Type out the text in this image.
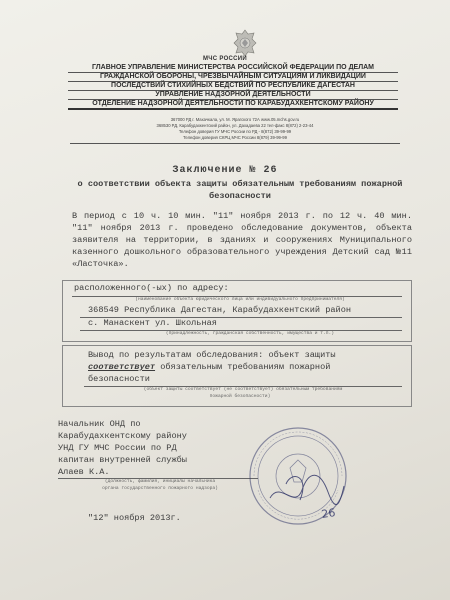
МЧС РОССИИ
ГЛАВНОЕ УПРАВЛЕНИЕ МИНИСТЕРСТВА РОССИЙСКОЙ ФЕДЕРАЦИИ ПО ДЕЛАМ
ГРАЖДАНСКОЙ ОБОРОНЫ, ЧРЕЗВЫЧАЙНЫМ СИТУАЦИЯМ И ЛИКВИДАЦИИ
ПОСЛЕДСТВИЙ СТИХИЙНЫХ БЕДСТВИЙ ПО РЕСПУБЛИКЕ ДАГЕСТАН
УПРАВЛЕНИЕ НАДЗОРНОЙ ДЕЯТЕЛЬНОСТИ
ОТДЕЛЕНИЕ НАДЗОРНОЙ ДЕЯТЕЛЬНОСТИ ПО КАРАБУДАХКЕНТСКОМУ РАЙОНУ
367000 РД г. Махачкала, ул. М. Ярагского 72А www.05.mchs.gov.ru
368530 РД, Карабудахкентский район, ул. Дахадаева 22 тел-факс 8(872) 2-23-44
Телефон доверия ГУ МЧС России по РД - 8(872) 39-99-99
Телефон доверия СКРЦ МЧС России 8(879) 39-99-99
Заключение № 26
о соответствии объекта защиты обязательным требованиям пожарной безопасности
В период с 10 ч. 10 мин. "11" ноября 2013 г. по 12 ч. 40 мин. "11" ноября 2013 г. проведено обследование документов, объекта заявителя на территории, в зданиях и сооружениях Муниципального казенного дошкольного образовательного учреждения Детский сад №11 «Ласточка».
расположенного(-ых) по адресу:
(наименование объекта юридического лица или индивидуального предпринимателя)
368549 Республика Дагестан, Карабудахкентский район
с. Манаскент ул. Школьная
(принадлежность, гражданская собственность, имущества и т.п.)
Вывод по результатам обследования: объект защиты
соответствует обязательным требованиям пожарной
безопасности
(объект защиты соответствует (не соответствует) обязательным требованиям
пожарной безопасности)
Начальник ОНД по
Карабудахкентскому району
УНД ГУ МЧС России по РД
капитан внутренней службы
Алаев К.А.
(должность, фамилия, инициалы начальника
органа государственного пожарного надзора)
26
"12" ноября 2013г.
